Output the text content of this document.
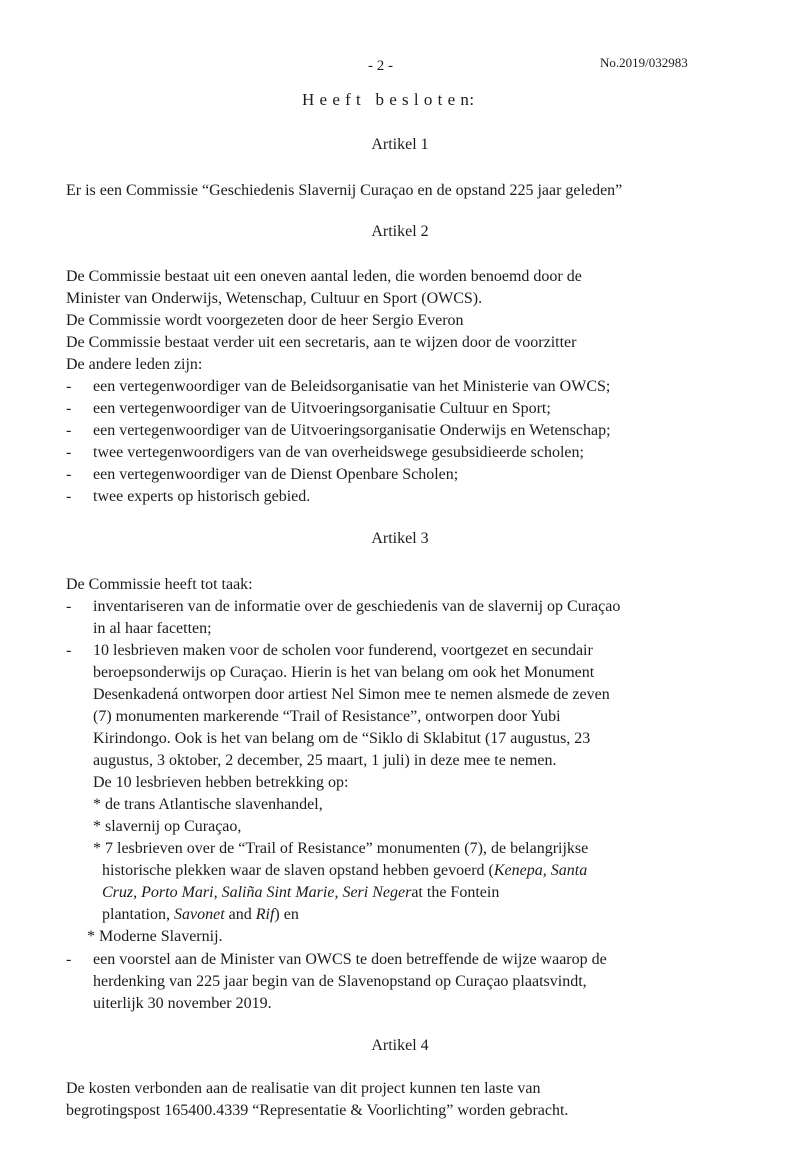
- 2 -	No.2019/032983
H e e f t   b e s l o t e n:
Artikel 1
Er is een Commissie “Geschiedenis Slavernij Curaçao en de opstand 225 jaar geleden”
Artikel 2
De Commissie bestaat uit een oneven aantal leden, die worden benoemd door de
Minister van Onderwijs, Wetenschap, Cultuur en Sport (OWCS).
De Commissie wordt voorgezeten door de heer Sergio Everon
De Commissie bestaat verder uit een secretaris, aan te wijzen door de voorzitter
De andere leden zijn:
- een vertegenwoordiger van de Beleidsorganisatie van het Ministerie van OWCS;
- een vertegenwoordiger van de Uitvoeringsorganisatie Cultuur en Sport;
- een vertegenwoordiger van de Uitvoeringsorganisatie Onderwijs en Wetenschap;
- twee vertegenwoordigers van de van overheidswege gesubsidieerde scholen;
- een vertegenwoordiger van de Dienst Openbare Scholen;
- twee experts op historisch gebied.
Artikel 3
De Commissie heeft tot taak:
- inventariseren van de informatie over de geschiedenis van de slavernij op Curaçao
in al haar facetten;
- 10 lesbrieven maken voor de scholen voor funderend, voortgezet en secundair
beroepsonderwijs op Curaçao. Hierin is het van belang om ook het Monument
Desenkadená ontworpen door artiest Nel Simon mee te nemen alsmede de zeven
(7) monumenten markerende “Trail of Resistance”, ontworpen door Yubi
Kirindongo. Ook is het van belang om de “Siklo di Sklabitut (17 augustus, 23
augustus, 3 oktober, 2 december, 25 maart, 1 juli) in deze mee te nemen.
De 10 lesbrieven hebben betrekking op:
* de trans Atlantische slavenhandel,
* slavernij op Curaçao,
* 7 lesbrieven over de “Trail of Resistance” monumenten (7), de belangrijkse
historische plekken waar de slaven opstand hebben gevoerd (Kenepa, Santa
Cruz, Porto Mari, Saliña Sint Marie, Seri Negerat the Fontein
plantation, Savonet and Rif) en
* Moderne Slavernij.
- een voorstel aan de Minister van OWCS te doen betreffende de wijze waarop de
herdenking van 225 jaar begin van de Slavenopstand op Curaçao plaatsvindt,
uiterlijk 30 november 2019.
Artikel 4
De kosten verbonden aan de realisatie van dit project kunnen ten laste van
begrotingspost 165400.4339 “Representatie & Voorlichting” worden gebracht.
